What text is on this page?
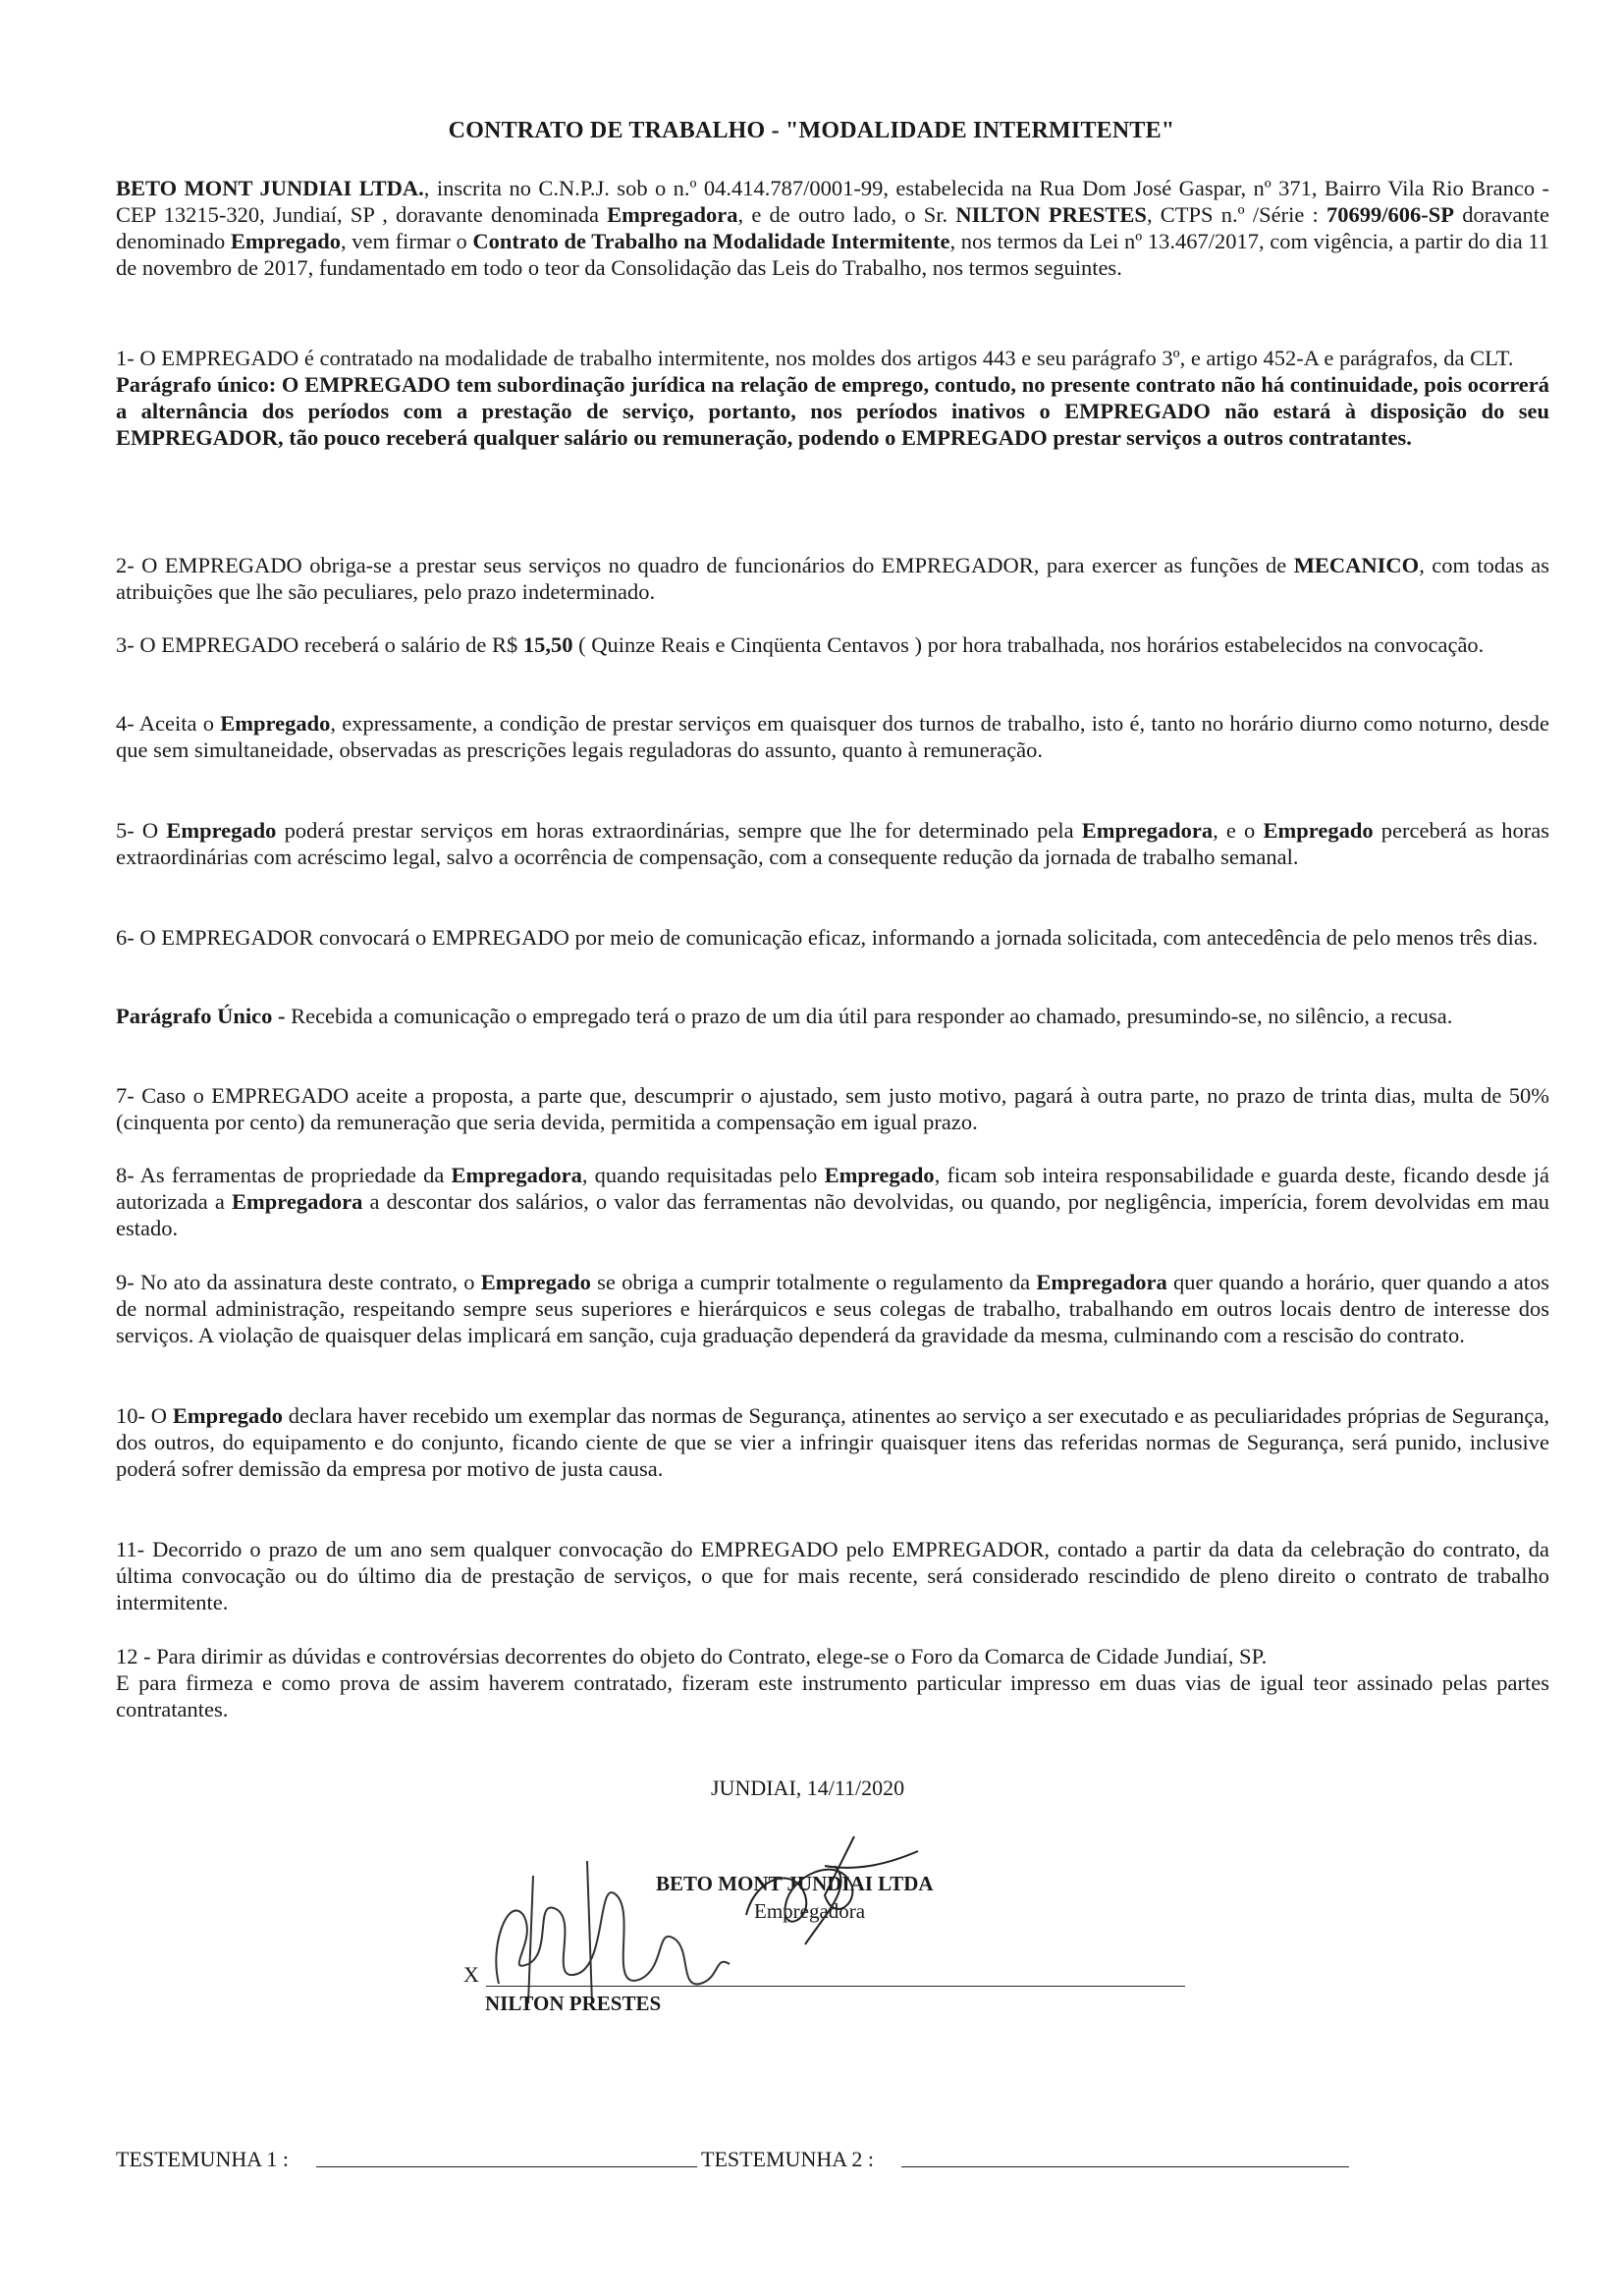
CONTRATO DE TRABALHO - "MODALIDADE INTERMITENTE"
BETO MONT JUNDIAI LTDA., inscrita no C.N.P.J. sob o n.º 04.414.787/0001-99, estabelecida na Rua Dom José Gaspar, nº 371, Bairro Vila Rio Branco - CEP 13215-320, Jundiaí, SP , doravante denominada Empregadora, e de outro lado, o Sr. NILTON PRESTES, CTPS n.º /Série : 70699/606-SP doravante denominado Empregado, vem firmar o Contrato de Trabalho na Modalidade Intermitente, nos termos da Lei nº 13.467/2017, com vigência, a partir do dia 11 de novembro de 2017, fundamentado em todo o teor da Consolidação das Leis do Trabalho, nos termos seguintes.
1- O EMPREGADO é contratado na modalidade de trabalho intermitente, nos moldes dos artigos 443 e seu parágrafo 3º, e artigo 452-A e parágrafos, da CLT.
Parágrafo único: O EMPREGADO tem subordinação jurídica na relação de emprego, contudo, no presente contrato não há continuidade, pois ocorrerá a alternância dos períodos com a prestação de serviço, portanto, nos períodos inativos o EMPREGADO não estará à disposição do seu EMPREGADOR, tão pouco receberá qualquer salário ou remuneração, podendo o EMPREGADO prestar serviços a outros contratantes.
2- O EMPREGADO obriga-se a prestar seus serviços no quadro de funcionários do EMPREGADOR, para exercer as funções de MECANICO, com todas as atribuições que lhe são peculiares, pelo prazo indeterminado.
3- O EMPREGADO receberá o salário de R$ 15,50 ( Quinze Reais e Cinqüenta Centavos ) por hora trabalhada, nos horários estabelecidos na convocação.
4- Aceita o Empregado, expressamente, a condição de prestar serviços em quaisquer dos turnos de trabalho, isto é, tanto no horário diurno como noturno, desde que sem simultaneidade, observadas as prescrições legais reguladoras do assunto, quanto à remuneração.
5- O Empregado poderá prestar serviços em horas extraordinárias, sempre que lhe for determinado pela Empregadora, e o Empregado perceberá as horas extraordinárias com acréscimo legal, salvo a ocorrência de compensação, com a consequente redução da jornada de trabalho semanal.
6- O EMPREGADOR convocará o EMPREGADO por meio de comunicação eficaz, informando a jornada solicitada, com antecedência de pelo menos três dias.
Parágrafo Único - Recebida a comunicação o empregado terá o prazo de um dia útil para responder ao chamado, presumindo-se, no silêncio, a recusa.
7- Caso o EMPREGADO aceite a proposta, a parte que, descumprir o ajustado, sem justo motivo, pagará à outra parte, no prazo de trinta dias, multa de 50% (cinquenta por cento) da remuneração que seria devida, permitida a compensação em igual prazo.
8- As ferramentas de propriedade da Empregadora, quando requisitadas pelo Empregado, ficam sob inteira responsabilidade e guarda deste, ficando desde já autorizada a Empregadora a descontar dos salários, o valor das ferramentas não devolvidas, ou quando, por negligência, imperícia, forem devolvidas em mau estado.
9- No ato da assinatura deste contrato, o Empregado se obriga a cumprir totalmente o regulamento da Empregadora quer quando a horário, quer quando a atos de normal administração, respeitando sempre seus superiores e hierárquicos e seus colegas de trabalho, trabalhando em outros locais dentro de interesse dos serviços. A violação de quaisquer delas implicará em sanção, cuja graduação dependerá da gravidade da mesma, culminando com a rescisão do contrato.
10- O Empregado declara haver recebido um exemplar das normas de Segurança, atinentes ao serviço a ser executado e as peculiaridades próprias de Segurança, dos outros, do equipamento e do conjunto, ficando ciente de que se vier a infringir quaisquer itens das referidas normas de Segurança, será punido, inclusive poderá sofrer demissão da empresa por motivo de justa causa.
11- Decorrido o prazo de um ano sem qualquer convocação do EMPREGADO pelo EMPREGADOR, contado a partir da data da celebração do contrato, da última convocação ou do último dia de prestação de serviços, o que for mais recente, será considerado rescindido de pleno direito o contrato de trabalho intermitente.
12 - Para dirimir as dúvidas e controvérsias decorrentes do objeto do Contrato, elege-se o Foro da Comarca de Cidade Jundiaí, SP.
E para firmeza e como prova de assim haverem contratado, fizeram este instrumento particular impresso em duas vias de igual teor assinado pelas partes contratantes.
JUNDIAI, 14/11/2020
BETO MONT JUNDIAI LTDA
Empregadora
X
NILTON PRESTES
TESTEMUNHA 1 :	TESTEMUNHA 2 :
